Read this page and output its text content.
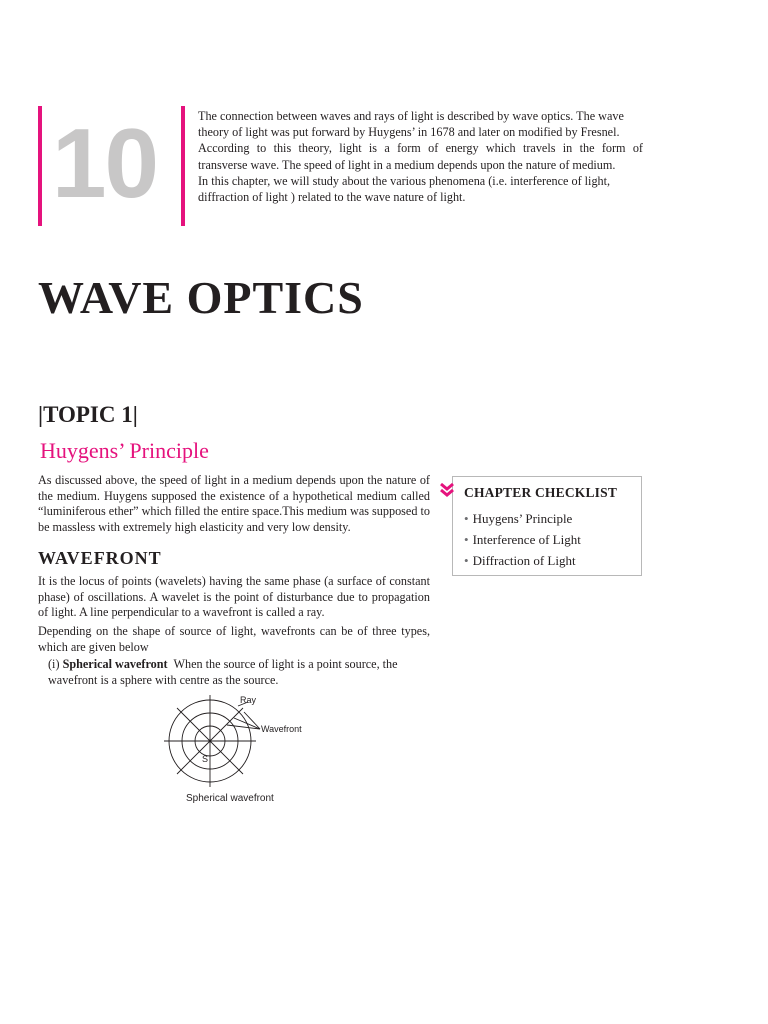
10	The connection between waves and rays of light is described by wave optics. The wave
theory of light was put forward by Huygens’ in 1678 and later on modified by Fresnel.
According to this theory, light is a form of energy which travels in the form of
transverse wave. The speed of light in a medium depends upon the nature of medium.
In this chapter, we will study about the various phenomena (i.e. interference of light,
diffraction of light ) related to the wave nature of light.
WAVE OPTICS
|TOPIC 1|
Huygens’ Principle

As discussed above, the speed of light in a medium depends upon the nature of the medium. Huygens supposed the existence of a hypothetical medium called “luminiferous ether” which filled the entire space.This medium was supposed to be massless with extremely high elasticity and very low density.

CHAPTER CHECKLIST
• Huygens’ Principle
• Interference of Light
• Diffraction of Light
WAVEFRONT

It is the locus of points (wavelets) having the same phase (a surface of constant phase) of oscillations. A wavelet is the point of disturbance due to propagation of light. A line perpendicular to a wavefront is called a ray.

Depending on the shape of source of light, wavefronts can be of three types, which are given below

(i) Spherical wavefront When the source of light is a point source, the wavefront is a sphere with centre as the source.

Ray
Wavefront
S
Spherical wavefront
